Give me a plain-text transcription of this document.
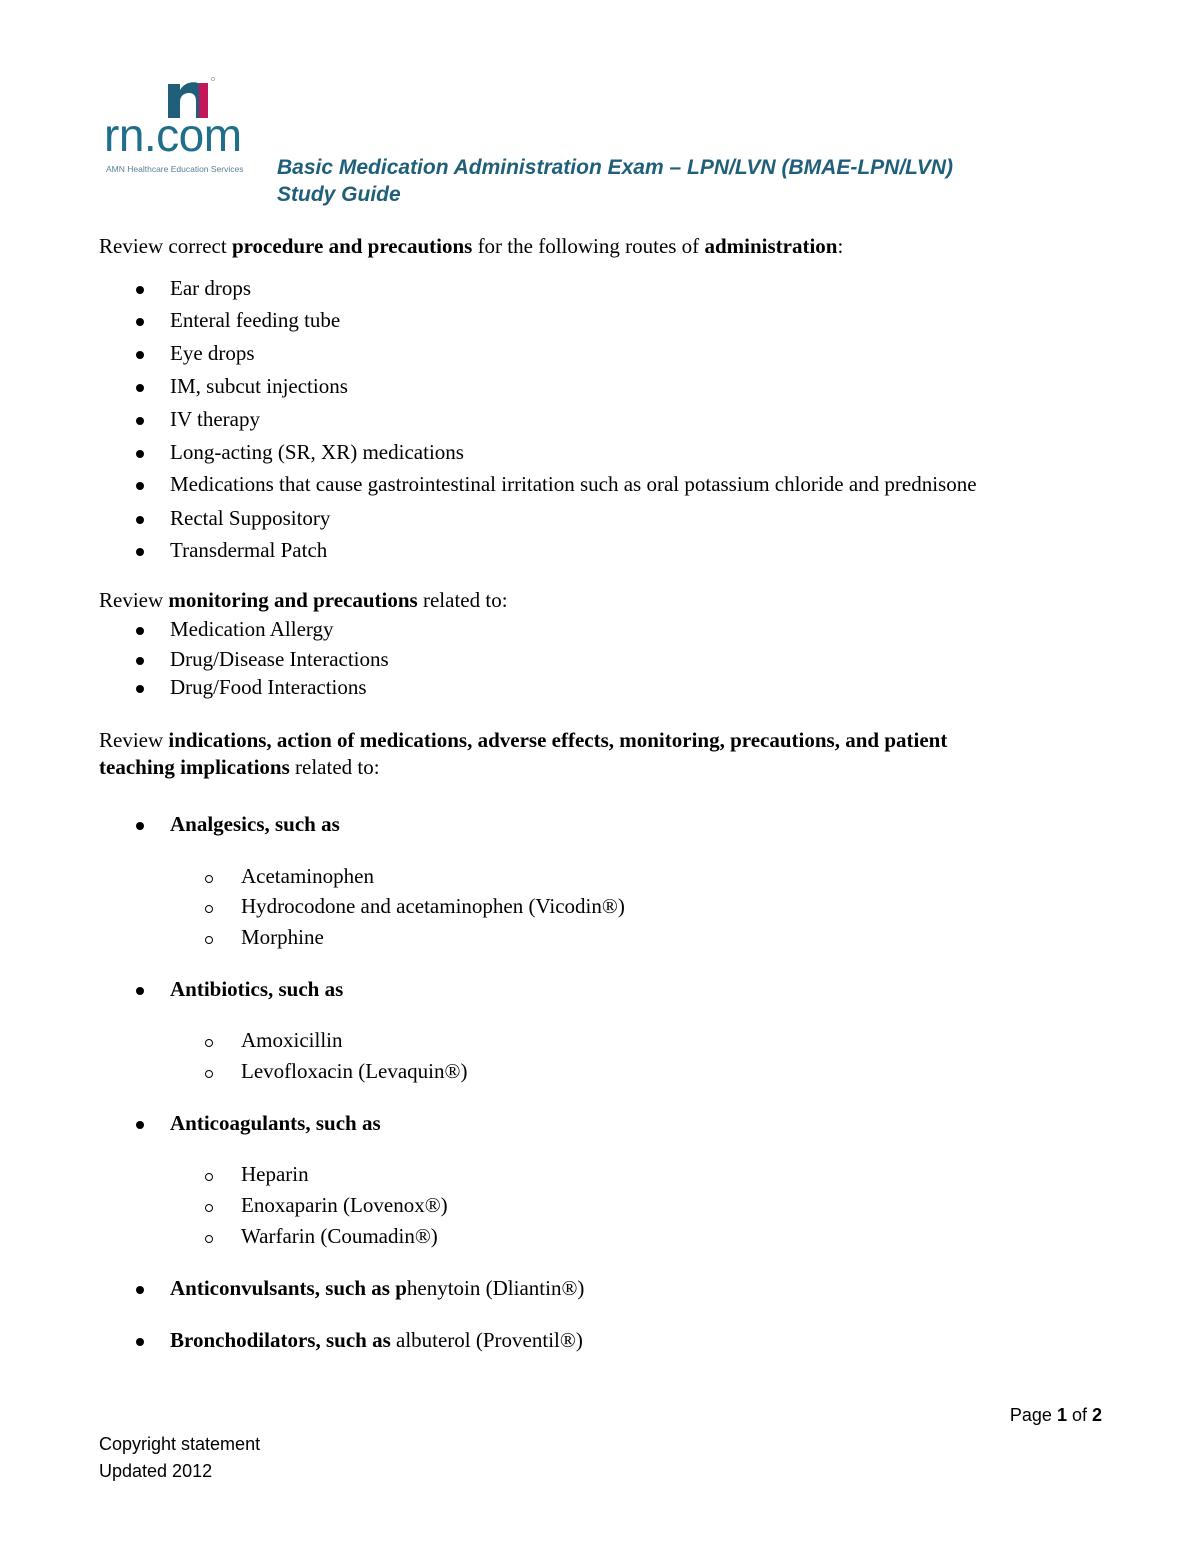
rn.com
AMN Healthcare Education Services Basic Medication Administration Exam – LPN/LVN (BMAE-LPN/LVN)
Study Guide
Review correct procedure and precautions for the following routes of administration:
Ear drops
Enteral feeding tube
Eye drops
IM, subcut injections
IV therapy
Long-acting (SR, XR) medications
Medications that cause gastrointestinal irritation such as oral potassium chloride and prednisone
Rectal Suppository
Transdermal Patch
Review monitoring and precautions related to:
Medication Allergy
Drug/Disease Interactions
Drug/Food Interactions
Review indications, action of medications, adverse effects, monitoring, precautions, and patient
teaching implications related to:
Analgesics, such as
Acetaminophen
Hydrocodone and acetaminophen (Vicodin®)
Morphine
Antibiotics, such as
Amoxicillin
Levofloxacin (Levaquin®)
Anticoagulants, such as
Heparin
Enoxaparin (Lovenox®)
Warfarin (Coumadin®)
Anticonvulsants, such as phenytoin (Dliantin®)
Bronchodilators, such as albuterol (Proventil®)
Page 1 of 2
Copyright statement
Updated 2012
